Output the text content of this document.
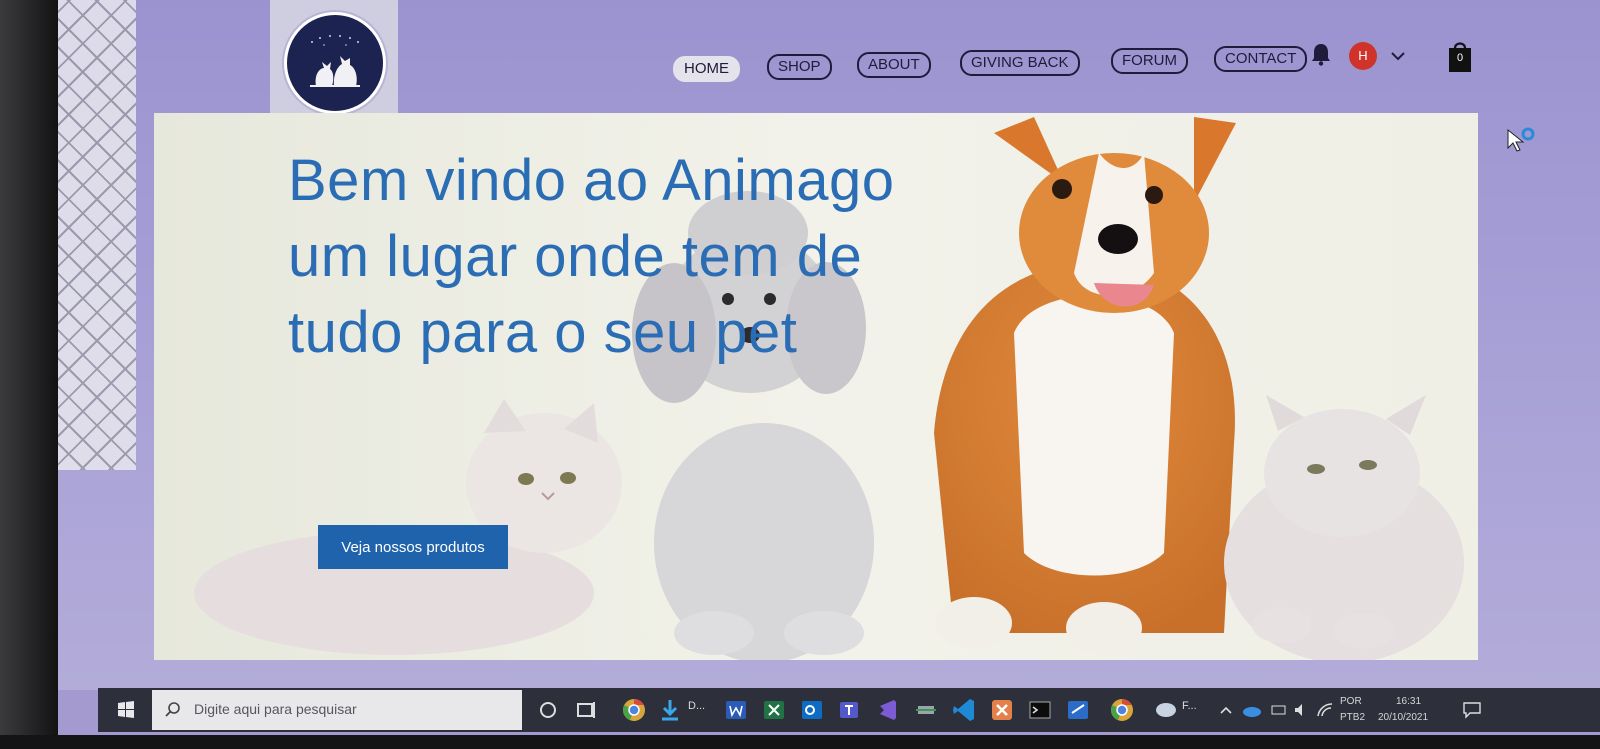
HOME	SHOP	ABOUT	GIVING BACK	FORUM	CONTACT	H	0
Bem vindo ao Animago
um lugar onde tem de
tudo para o seu pet
Veja nossos produtos
Digite aqui para pesquisar	D...	F...	POR
PTB2
16:31
20/10/2021
